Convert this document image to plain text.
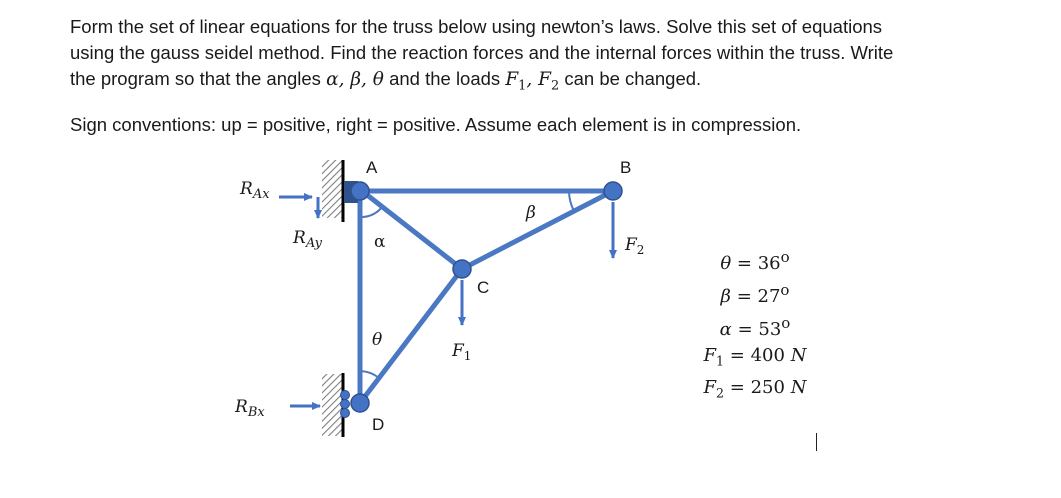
Form the set of linear equations for the truss below using newton’s laws. Solve this set of equations

using the gauss seidel method. Find the reaction forces and the internal forces within the truss. Write

the program so that the angles α, β, θ and the loads $F_1$, $F_2$ can be changed.

Sign conventions: up = positive, right = positive. Assume each element is in compression.

A	B
C
D
α
β
θ
$R_{Ax}$
$R_{Ay}$
$R_{Bx}$
$F_1$
$F_2$
$\theta = 36^o$
$\beta = 27^o$
$\alpha = 53^o$
$F_1 = 400$ N
$F_2 = 250$ N
